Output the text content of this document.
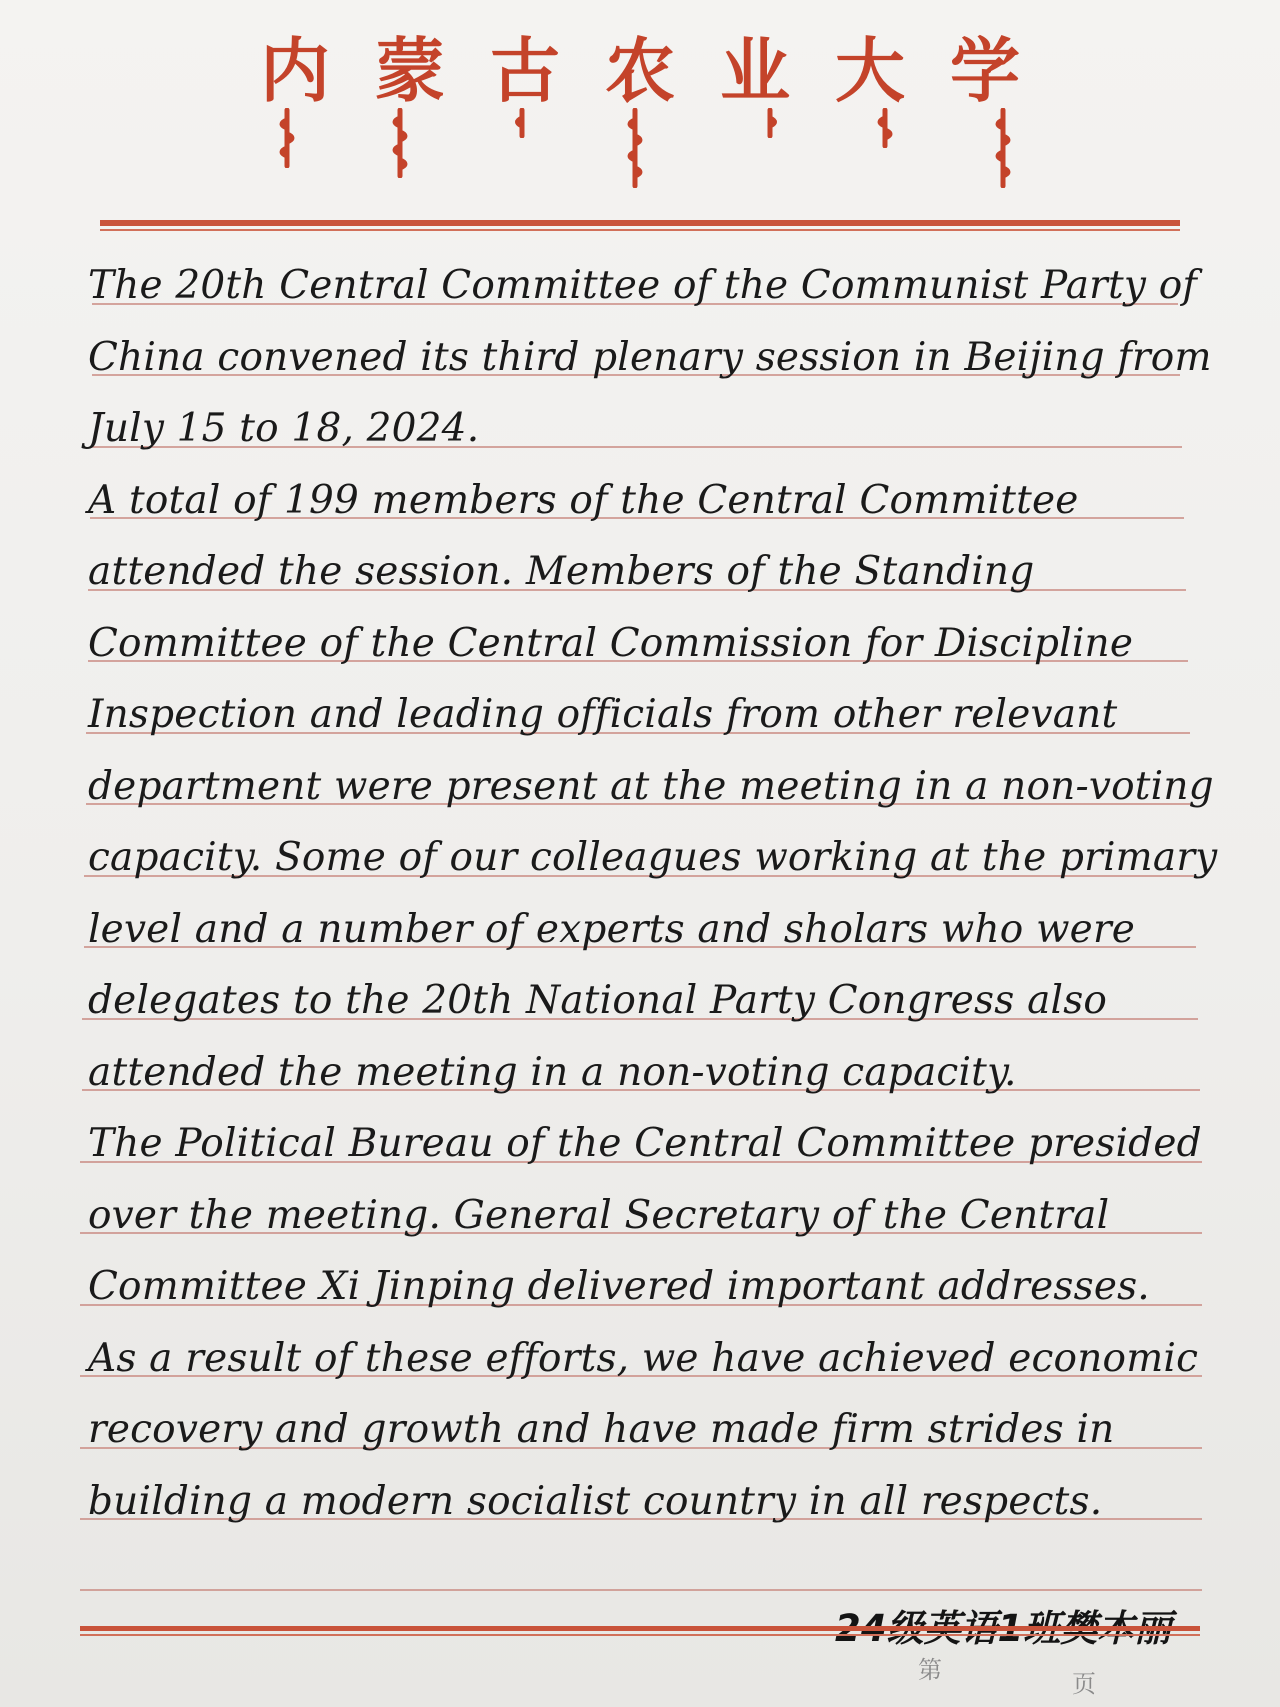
内 蒙 古 农 业 大 学

The 20th Central Committee of the Communist Party of China convened its third plenary session in Beijing from July 15 to 18, 2024.

A total of 199 members of the Central Committee attended the session. Members of the Standing Committee of the Central Commission for Discipline Inspection and leading officials from other relevant department were present at the meeting in a non-voting capacity. Some of our colleagues working at the primary level and a number of experts and sholars who were delegates to the 20th National Party Congress also attended the meeting in a non-voting capacity.

The Political Bureau of the Central Committee presided over the meeting. General Secretary of the Central Committee Xi Jinping delivered important addresses.

As a result of these efforts, we have achieved economic recovery and growth and have made firm strides in building a modern socialist country in all respects.

第	页
